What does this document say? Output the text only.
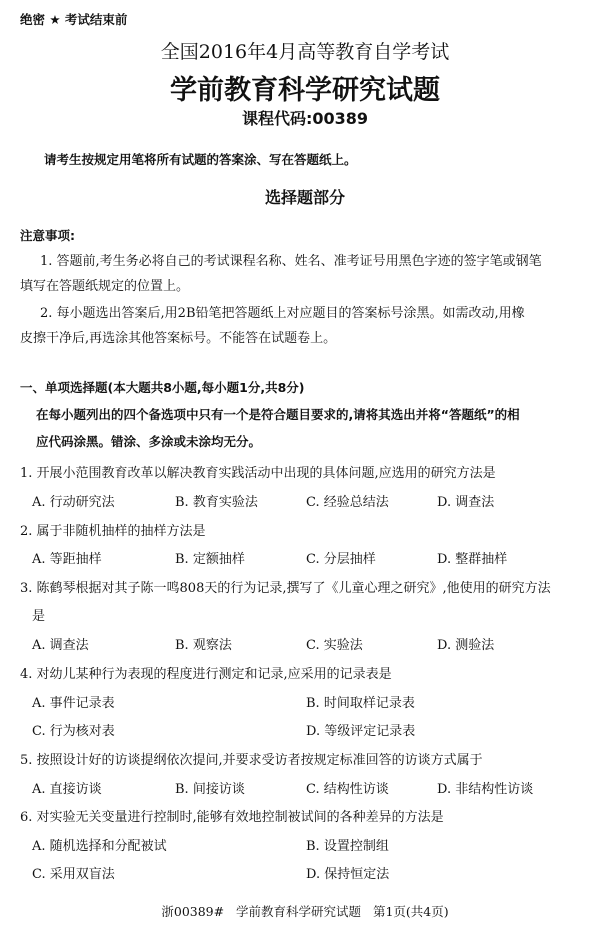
绝密 ★ 考试结束前
全国2016年4月高等教育自学考试
学前教育科学研究试题
课程代码:00389
请考生按规定用笔将所有试题的答案涂、写在答题纸上。
选择题部分
注意事项:
1. 答题前,考生务必将自己的考试课程名称、姓名、准考证号用黑色字迹的签字笔或钢笔
填写在答题纸规定的位置上。
2. 每小题选出答案后,用2B铅笔把答题纸上对应题目的答案标号涂黑。如需改动,用橡
皮擦干净后,再选涂其他答案标号。不能答在试题卷上。
一、单项选择题(本大题共8小题,每小题1分,共8分)
在每小题列出的四个备选项中只有一个是符合题目要求的,请将其选出并将“答题纸”的相
应代码涂黑。错涂、多涂或未涂均无分。
1. 开展小范围教育改革以解决教育实践活动中出现的具体问题,应选用的研究方法是
A. 行动研究法	B. 教育实验法	C. 经验总结法	D. 调查法
2. 属于非随机抽样的抽样方法是
A. 等距抽样	B. 定额抽样	C. 分层抽样	D. 整群抽样
3. 陈鹤琴根据对其子陈一鸣808天的行为记录,撰写了《儿童心理之研究》,他使用的研究方法
是
A. 调查法	B. 观察法	C. 实验法	D. 测验法
4. 对幼儿某种行为表现的程度进行测定和记录,应采用的记录表是
A. 事件记录表	B. 时间取样记录表
C. 行为核对表	D. 等级评定记录表
5. 按照设计好的访谈提纲依次提问,并要求受访者按规定标准回答的访谈方式属于
A. 直接访谈	B. 间接访谈	C. 结构性访谈	D. 非结构性访谈
6. 对实验无关变量进行控制时,能够有效地控制被试间的各种差异的方法是
A. 随机选择和分配被试	B. 设置控制组
C. 采用双盲法	D. 保持恒定法
浙00389#   学前教育科学研究试题   第1页(共4页)
